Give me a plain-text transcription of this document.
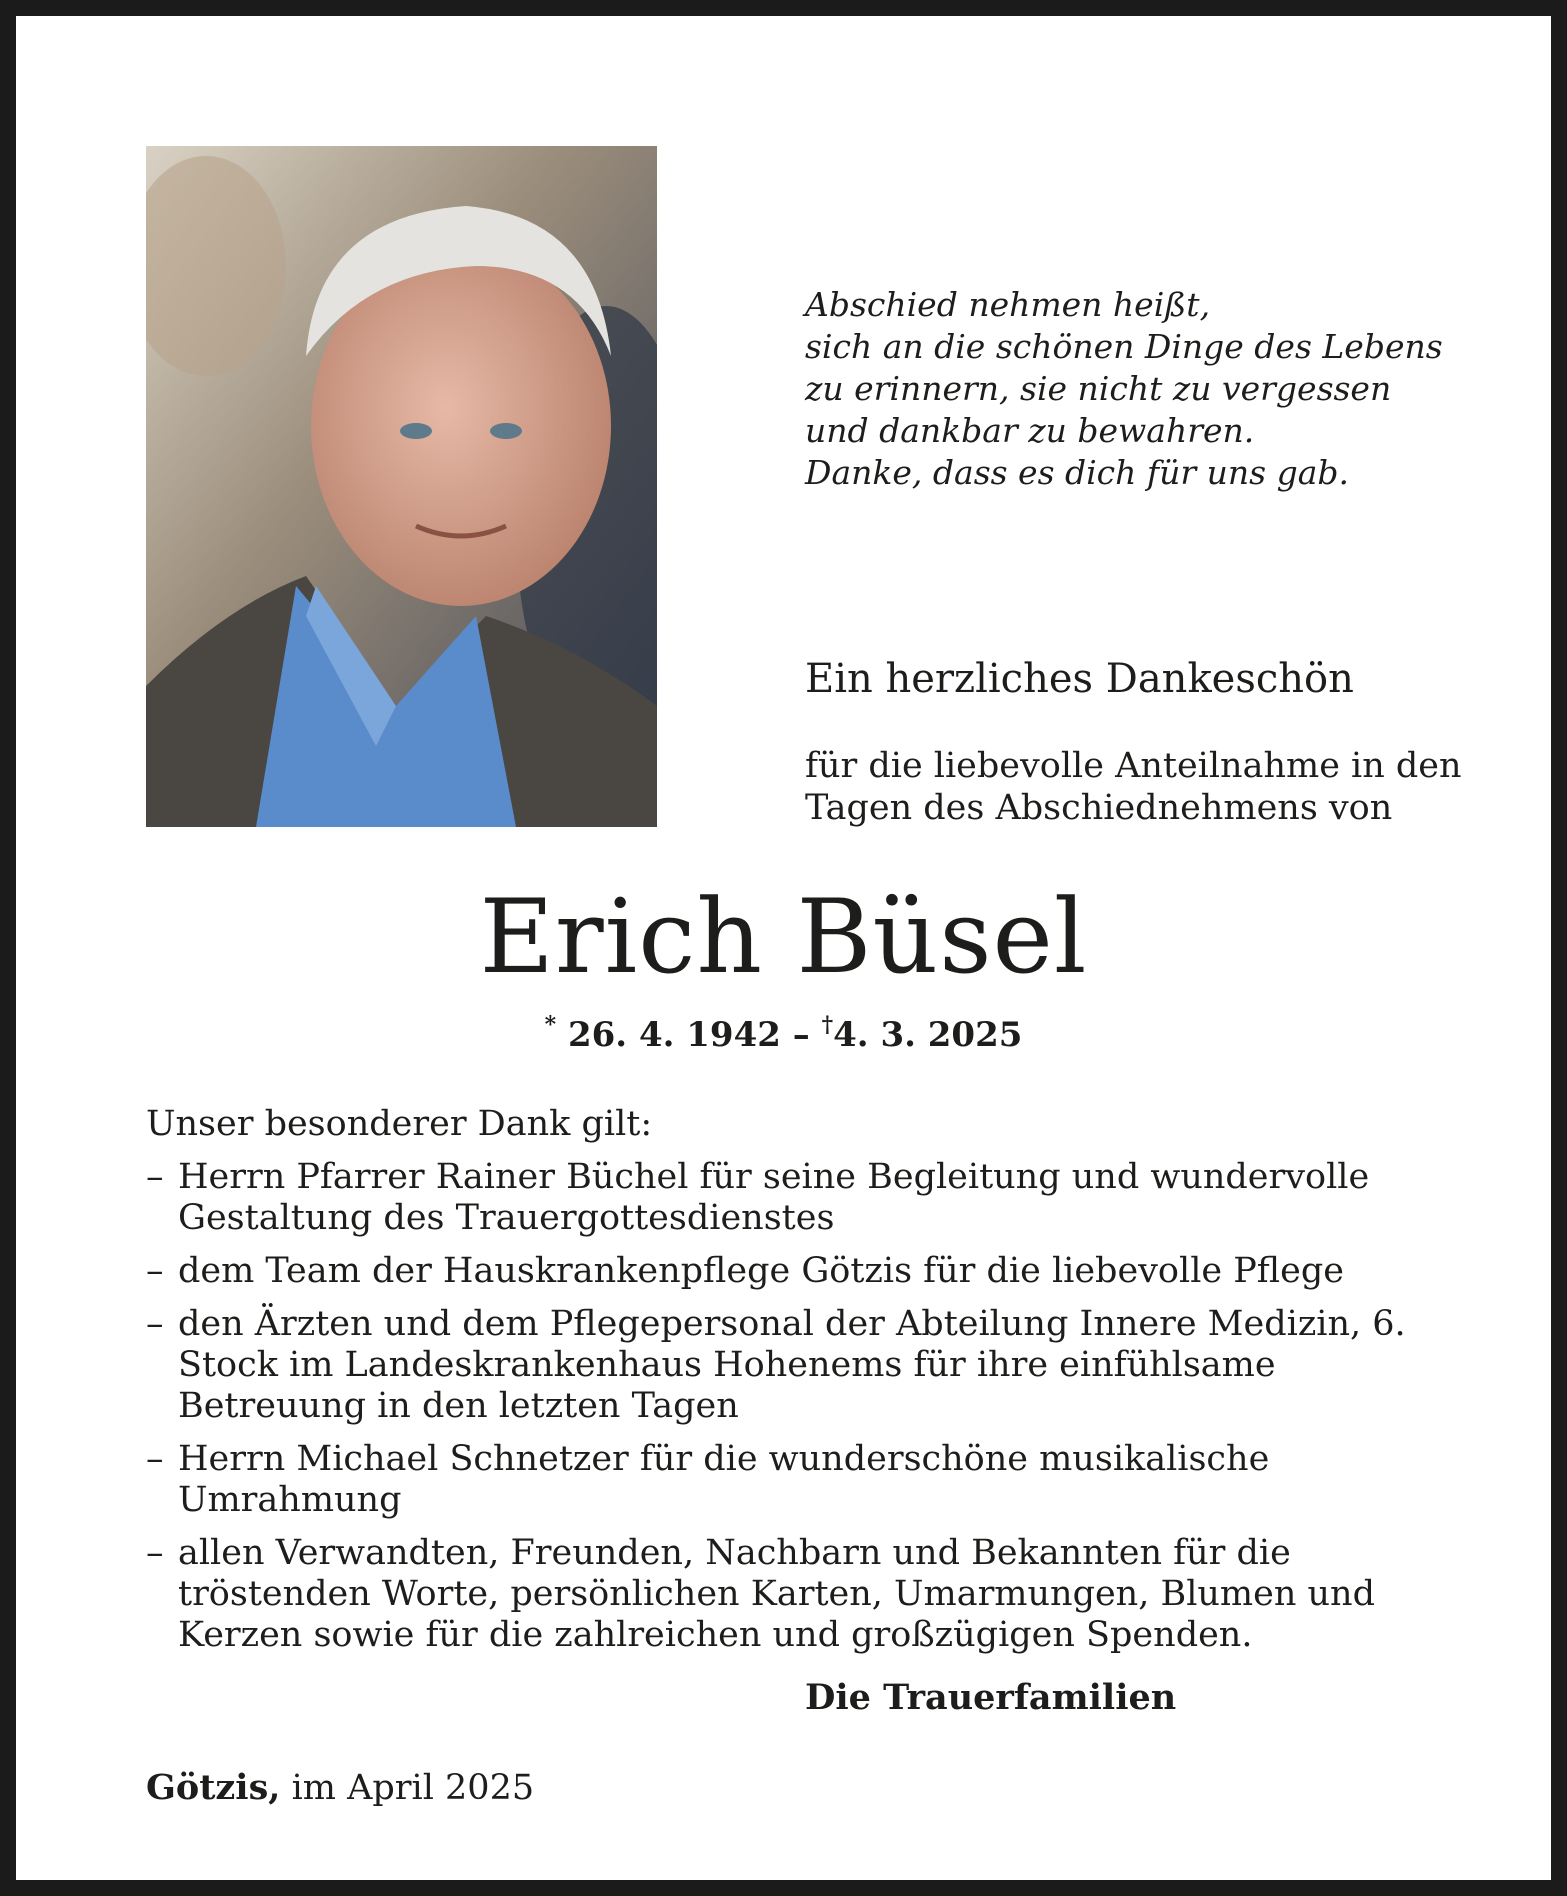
Abschied nehmen heißt,
sich an die schönen Dinge des Lebens
zu erinnern, sie nicht zu vergessen
und dankbar zu bewahren.
Danke, dass es dich für uns gab.
Ein herzliches Dankeschön
für die liebevolle Anteilnahme in den
Tagen des Abschiednehmens von
Erich Büsel
* 26. 4. 1942 – †4. 3. 2025
Unser besonderer Dank gilt:
– Herrn Pfarrer Rainer Büchel für seine Begleitung und wundervolle Gestaltung des Trauergottesdienstes
– dem Team der Hauskrankenpflege Götzis für die liebevolle Pflege
– den Ärzten und dem Pflegepersonal der Abteilung Innere Medizin, 6. Stock im Landeskrankenhaus Hohenems für ihre einfühlsame Betreuung in den letzten Tagen
– Herrn Michael Schnetzer für die wunderschöne musikalische Umrahmung
– allen Verwandten, Freunden, Nachbarn und Bekannten für die tröstenden Worte, persönlichen Karten, Umarmungen, Blumen und Kerzen sowie für die zahlreichen und großzügigen Spenden.
Die Trauerfamilien
Götzis, im April 2025
